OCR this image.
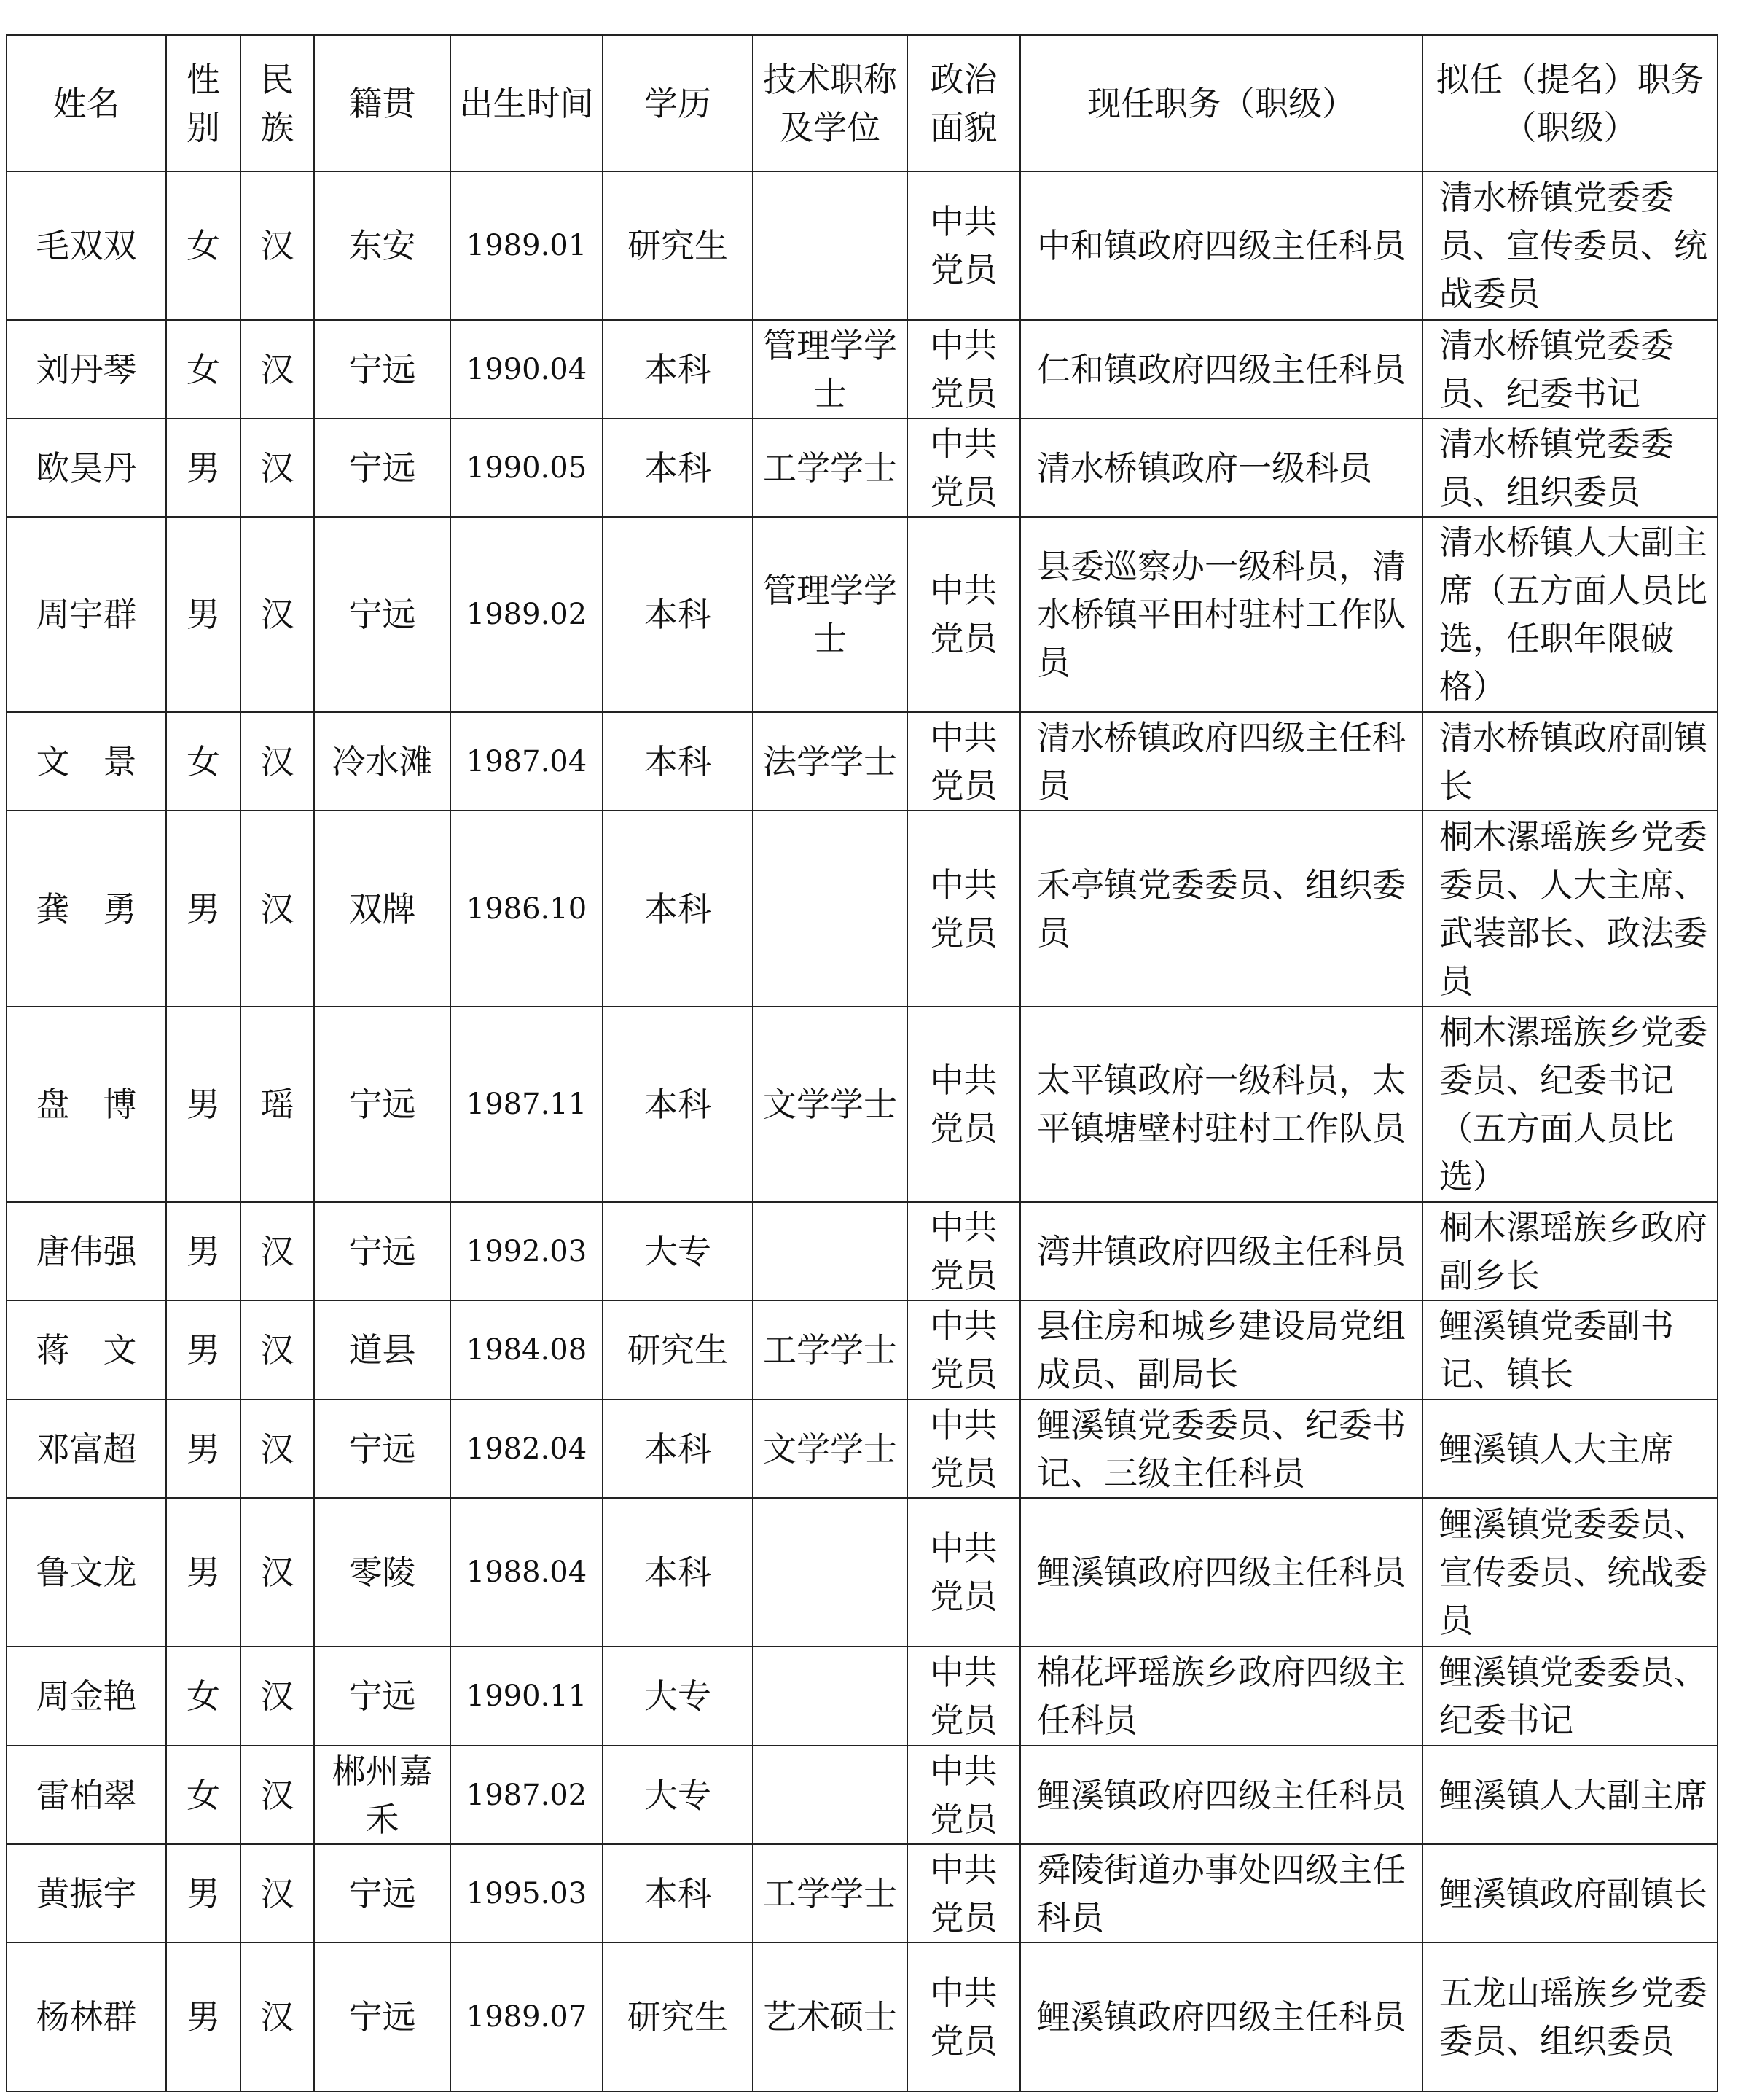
姓名	性别	民族	籍贯	出生时间	学历	技术职称及学位	政治面貌	现任职务（职级）	拟任（提名）职务（职级）
毛双双	女	汉	东安	1989.01	研究生		中共党员	中和镇政府四级主任科员	清水桥镇党委委员、宣传委员、统战委员
刘丹琴	女	汉	宁远	1990.04	本科	管理学学士	中共党员	仁和镇政府四级主任科员	清水桥镇党委委员、纪委书记
欧昊丹	男	汉	宁远	1990.05	本科	工学学士	中共党员	清水桥镇政府一级科员	清水桥镇党委委员、组织委员
周宇群	男	汉	宁远	1989.02	本科	管理学学士	中共党员	县委巡察办一级科员，清水桥镇平田村驻村工作队员	清水桥镇人大副主席（五方面人员比选，任职年限破格）
文　景	女	汉	冷水滩	1987.04	本科	法学学士	中共党员	清水桥镇政府四级主任科员	清水桥镇政府副镇长
龚　勇	男	汉	双牌	1986.10	本科		中共党员	禾亭镇党委委员、组织委员	桐木漯瑶族乡党委委员、人大主席、武装部长、政法委员
盘　博	男	瑶	宁远	1987.11	本科	文学学士	中共党员	太平镇政府一级科员，太平镇塘壁村驻村工作队员	桐木漯瑶族乡党委委员、纪委书记（五方面人员比选）
唐伟强	男	汉	宁远	1992.03	大专		中共党员	湾井镇政府四级主任科员	桐木漯瑶族乡政府副乡长
蒋　文	男	汉	道县	1984.08	研究生	工学学士	中共党员	县住房和城乡建设局党组成员、副局长	鲤溪镇党委副书记、镇长
邓富超	男	汉	宁远	1982.04	本科	文学学士	中共党员	鲤溪镇党委委员、纪委书记、三级主任科员	鲤溪镇人大主席
鲁文龙	男	汉	零陵	1988.04	本科		中共党员	鲤溪镇政府四级主任科员	鲤溪镇党委委员、宣传委员、统战委员
周金艳	女	汉	宁远	1990.11	大专		中共党员	棉花坪瑶族乡政府四级主任科员	鲤溪镇党委委员、纪委书记
雷柏翠	女	汉	郴州嘉禾	1987.02	大专		中共党员	鲤溪镇政府四级主任科员	鲤溪镇人大副主席
黄振宇	男	汉	宁远	1995.03	本科	工学学士	中共党员	舜陵街道办事处四级主任科员	鲤溪镇政府副镇长
杨林群	男	汉	宁远	1989.07	研究生	艺术硕士	中共党员	鲤溪镇政府四级主任科员	五龙山瑶族乡党委委员、组织委员
